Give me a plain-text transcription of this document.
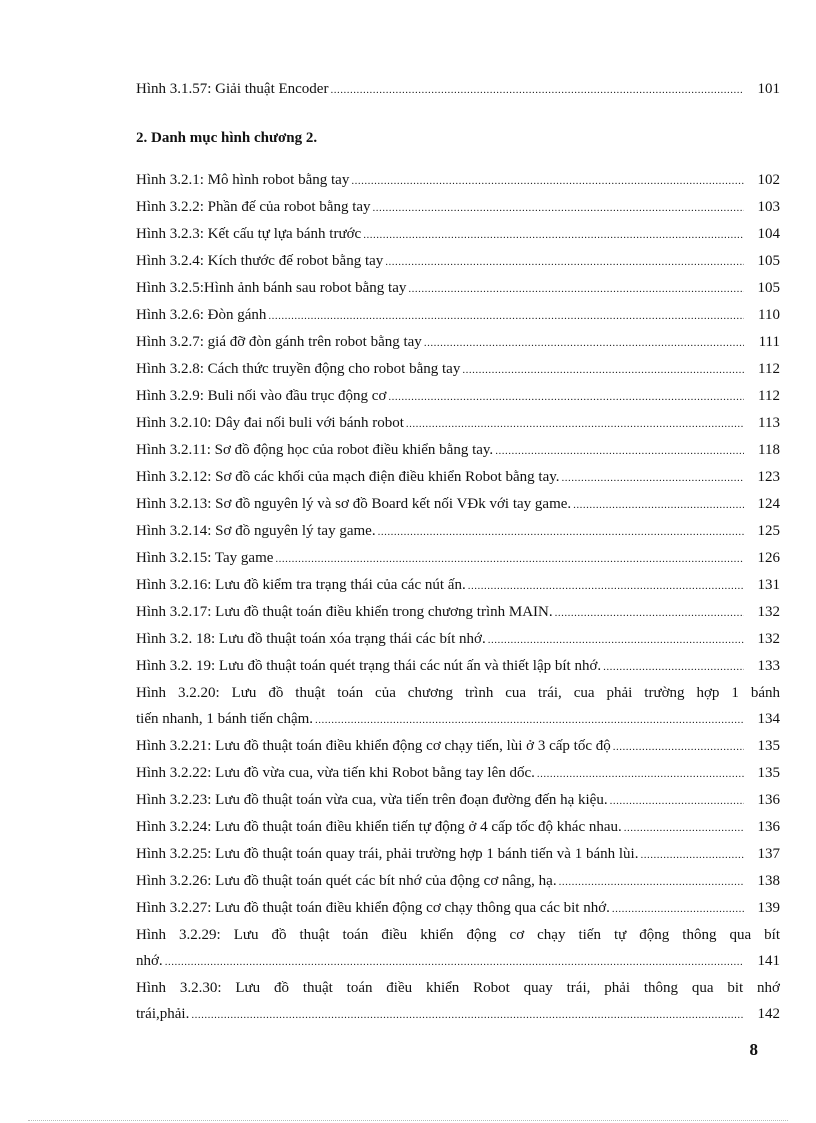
Hình 3.1.57: Giải thuật Encoder .....	101
2. Danh mục hình chương 2.
Hình 3.2.1: Mô hình robot bằng tay .....	102
Hình 3.2.2: Phần đế của robot bằng tay .....	103
Hình 3.2.3: Kết cấu tự lựa bánh trước .....	104
Hình 3.2.4: Kích thước đế robot bằng tay .....	105
Hình 3.2.5:Hình ảnh bánh sau robot bằng tay .....	105
Hình 3.2.6: Đòn gánh .....	110
Hình 3.2.7: giá đỡ đòn gánh trên robot bằng tay .....	111
Hình 3.2.8: Cách thức truyền động cho robot bằng tay .....	112
Hình 3.2.9: Buli nối vào đầu trục động cơ .....	112
Hình 3.2.10: Dây đai nối buli với bánh robot .....	113
Hình 3.2.11: Sơ đồ động học của robot điều khiển bằng tay. .....	118
Hình 3.2.12: Sơ đồ các khối của mạch điện điều khiển Robot bằng tay. .....	123
Hình 3.2.13: Sơ đồ nguyên lý và sơ đồ Board kết nối VĐk với tay game. .....	124
Hình 3.2.14: Sơ đồ nguyên lý tay game. .....	125
Hình 3.2.15: Tay game .....	126
Hình 3.2.16: Lưu đồ kiểm tra trạng thái của các nút ấn. .....	131
Hình 3.2.17: Lưu đồ thuật toán điều khiển trong chương trình MAIN. .....	132
Hình 3.2. 18: Lưu đồ thuật toán xóa trạng thái các bít nhớ. .....	132
Hình 3.2. 19: Lưu đồ thuật toán quét trạng thái các nút ấn và thiết lập bít nhớ. .....	133
Hình 3.2.20: Lưu đồ thuật toán của chương trình cua trái, cua phải trường hợp 1 bánh
tiến nhanh, 1 bánh tiến chậm. .....	134
Hình 3.2.21: Lưu đồ thuật toán điều khiển động cơ chạy tiến, lùi ở 3 cấp tốc độ .....	135
Hình 3.2.22: Lưu đồ vừa cua, vừa tiến khi Robot bằng tay lên dốc. .....	135
Hình 3.2.23: Lưu đồ thuật toán vừa cua, vừa tiến trên đoạn đường đến hạ kiệu. .....	136
Hình 3.2.24: Lưu đồ thuật toán điều khiển tiến tự động ở 4 cấp tốc độ khác nhau. .....	136
Hình 3.2.25: Lưu đồ thuật toán quay trái, phải trường hợp 1 bánh tiến và 1 bánh lùi. .....	137
Hình 3.2.26: Lưu đồ thuật toán quét các bít nhớ của động cơ nâng, hạ. .....	138
Hình 3.2.27: Lưu đồ thuật toán điều khiển động cơ chạy thông qua các bit nhớ. .....	139
Hình 3.2.29: Lưu đồ thuật toán điều khiển động cơ chạy tiến tự động thông qua bít
nhớ. .....	141
Hình 3.2.30: Lưu đồ thuật toán điều khiển Robot quay trái, phải thông qua bit nhớ
trái,phải. .....	142
8
